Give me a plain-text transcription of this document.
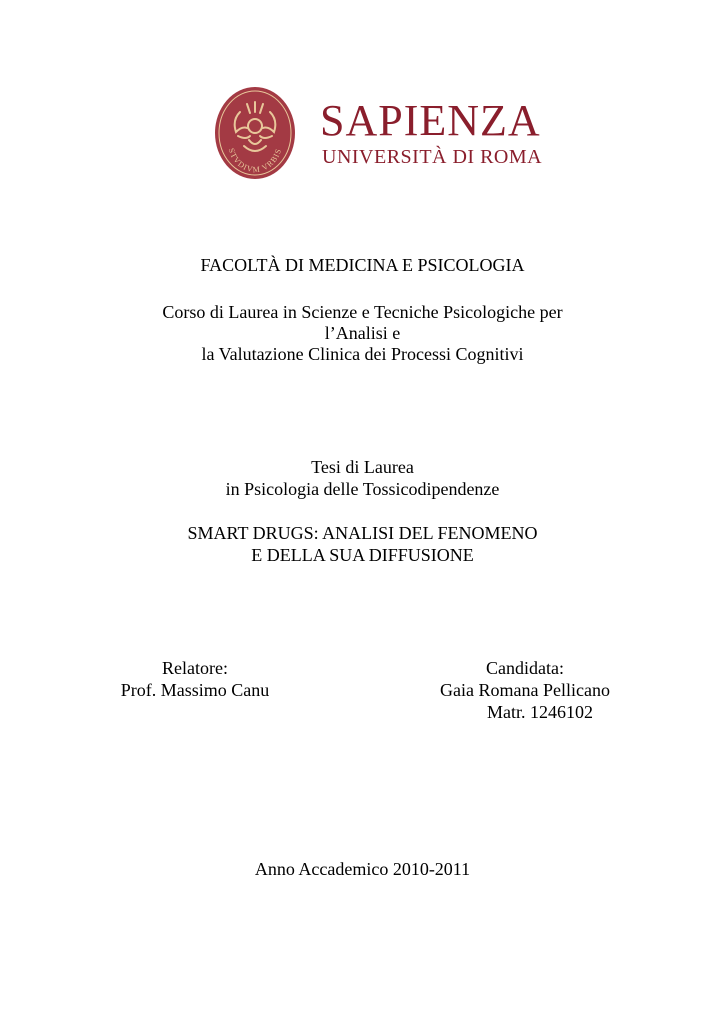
STVDIVM VRBIS
SAPIENZA
UNIVERSITÀ DI ROMA
FACOLTÀ DI MEDICINA E PSICOLOGIA
Corso di Laurea in Scienze e Tecniche Psicologiche per
l’Analisi e
la Valutazione Clinica dei Processi Cognitivi
Tesi di Laurea
in Psicologia delle Tossicodipendenze
SMART DRUGS: ANALISI DEL FENOMENO
E DELLA SUA DIFFUSIONE
Relatore:
Prof. Massimo Canu
Candidata:
Gaia Romana Pellicano
Matr. 1246102
Anno Accademico 2010-2011
